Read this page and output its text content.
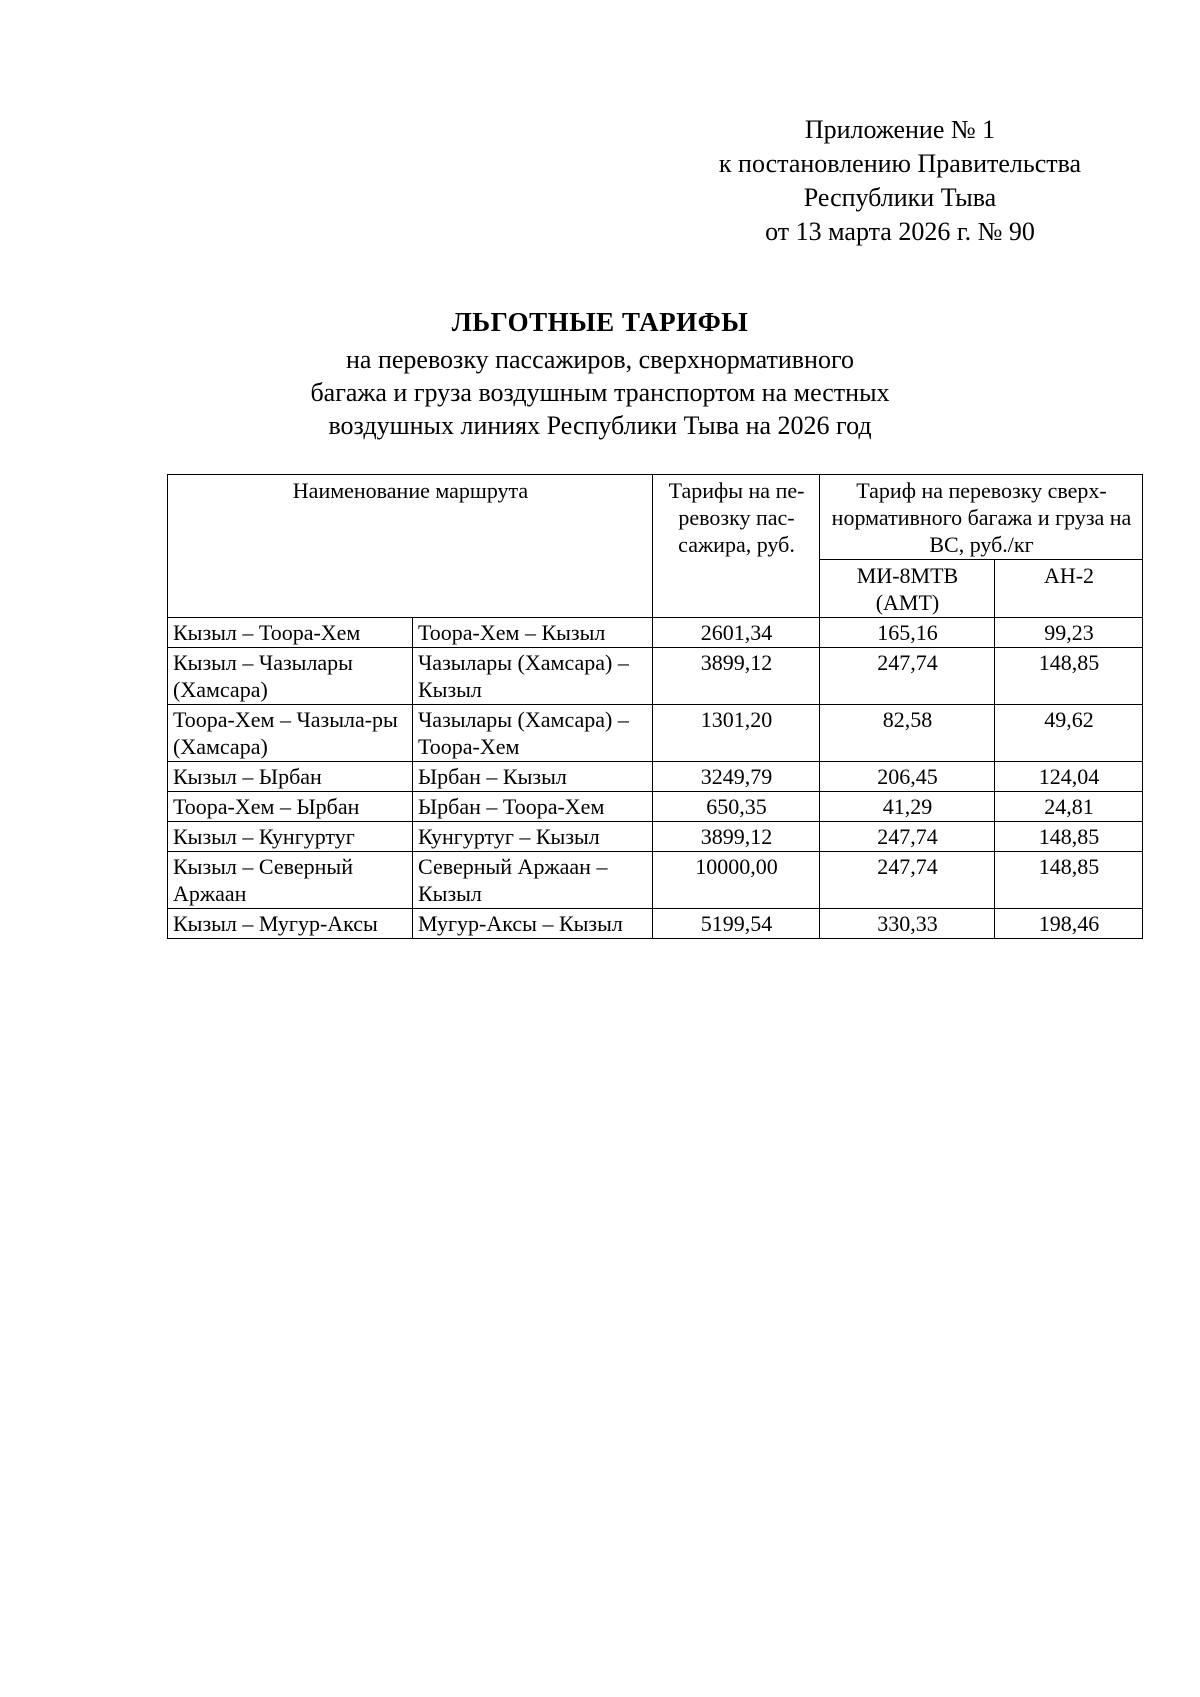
Приложение № 1
к постановлению Правительства
Республики Тыва
от 13 марта 2026 г. № 90
ЛЬГОТНЫЕ ТАРИФЫ
на перевозку пассажиров, сверхнормативного
багажа и груза воздушным транспортом на местных
воздушных линиях Республики Тыва на 2026 год
Наименование маршрута		Тарифы на пе-ревозку пас-сажира, руб.	Тариф на перевозку сверх-нормативного багажа и груза на ВС, руб./кг	
			МИ-8МТВ (АМТ)	АН-2
Кызыл – Тоора-Хем	Тоора-Хем – Кызыл	2601,34	165,16	99,23
Кызыл – Чазылары (Хамсара)	Чазылары (Хамсара) – Кызыл	3899,12	247,74	148,85
Тоора-Хем – Чазыла-ры (Хамсара)	Чазылары (Хамсара) – Тоора-Хем	1301,20	82,58	49,62
Кызыл – Ырбан	Ырбан – Кызыл	3249,79	206,45	124,04
Тоора-Хем – Ырбан	Ырбан – Тоора-Хем	650,35	41,29	24,81
Кызыл – Кунгуртуг	Кунгуртуг – Кызыл	3899,12	247,74	148,85
Кызыл – Северный Аржаан	Северный Аржаан – Кызыл	10000,00	247,74	148,85
Кызыл – Мугур-Аксы	Мугур-Аксы – Кызыл	5199,54	330,33	198,46
